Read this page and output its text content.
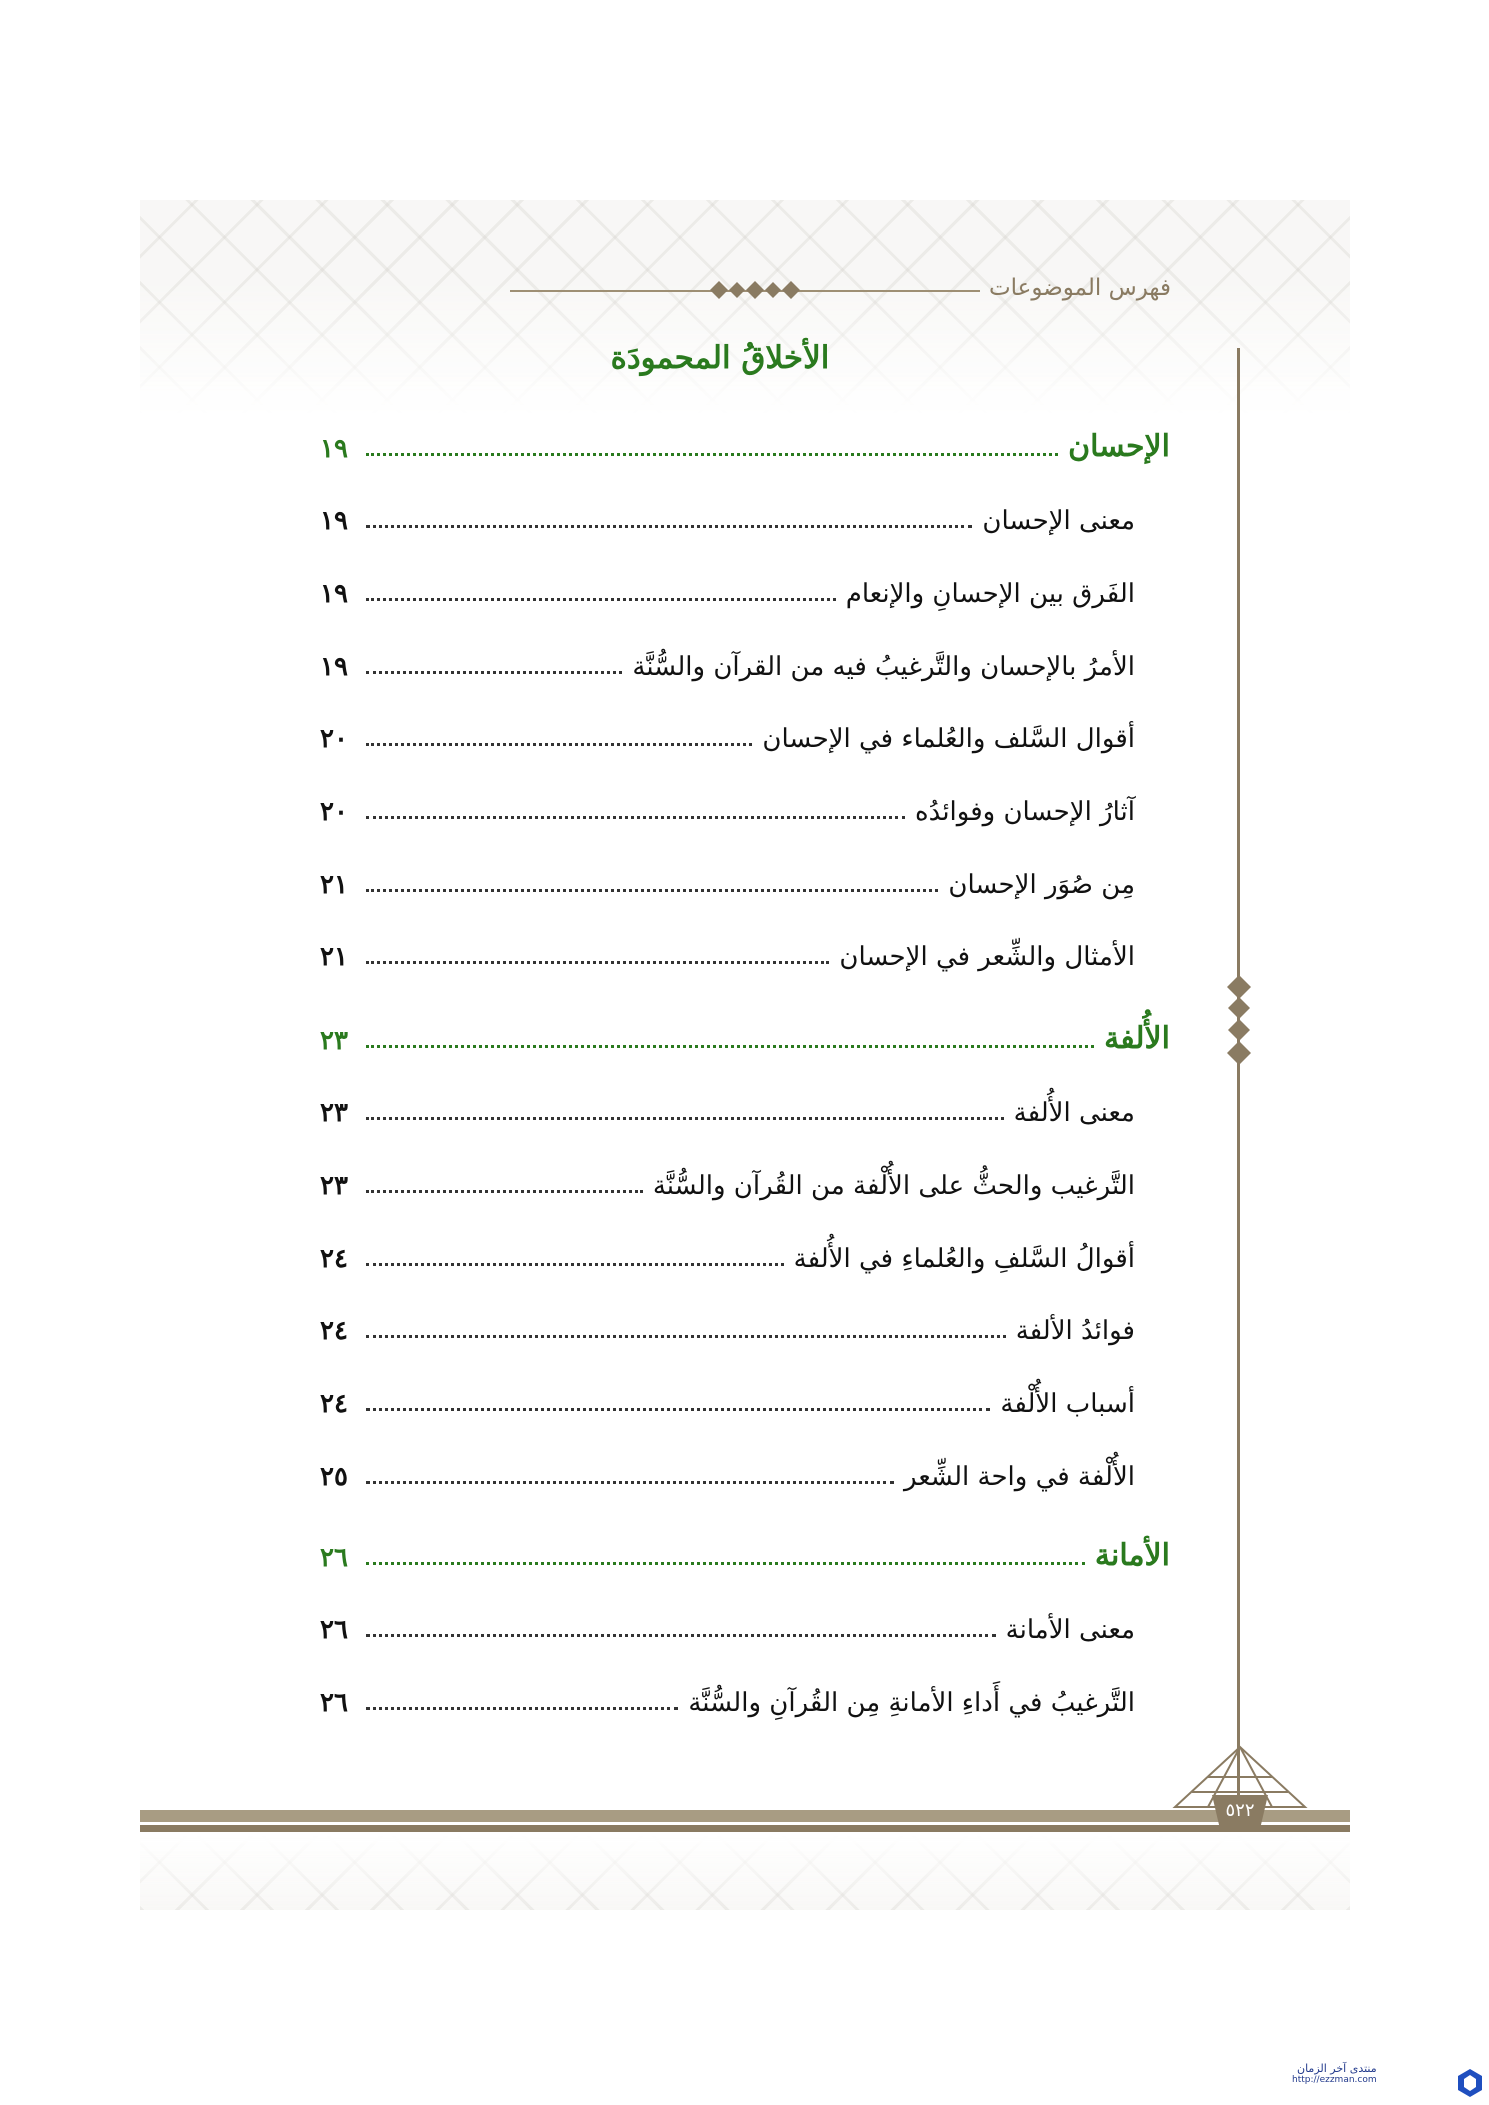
فهرس الموضوعات
الأخلاقُ المحمودَة
الإحسان
١٩
معنى الإحسان
١٩
الفَرق بين الإحسانِ والإنعام
١٩
الأمرُ بالإحسان والتَّرغيبُ فيه من القرآن والسُّنَّة
١٩
أقوال السَّلف والعُلماء في الإحسان
٢٠
آثارُ الإحسان وفوائدُه
٢٠
مِن صُوَر الإحسان
٢١
الأمثال والشِّعر في الإحسان
٢١
الأُلفة
٢٣
معنى الأُلفة
٢٣
التَّرغيب والحثُّ على الأُلْفة من القُرآن والسُّنَّة
٢٣
أقوالُ السَّلفِ والعُلماءِ في الأُلفة
٢٤
فوائدُ الألفة
٢٤
أسباب الأُلْفة
٢٤
الأُلْفة في واحة الشِّعر
٢٥
الأمانة
٢٦
معنى الأمانة
٢٦
التَّرغيبُ في أَداءِ الأمانةِ مِن القُرآنِ والسُّنَّة
٢٦
٥٢٢
منتدى آخر الزمان
http://ezzman.com
